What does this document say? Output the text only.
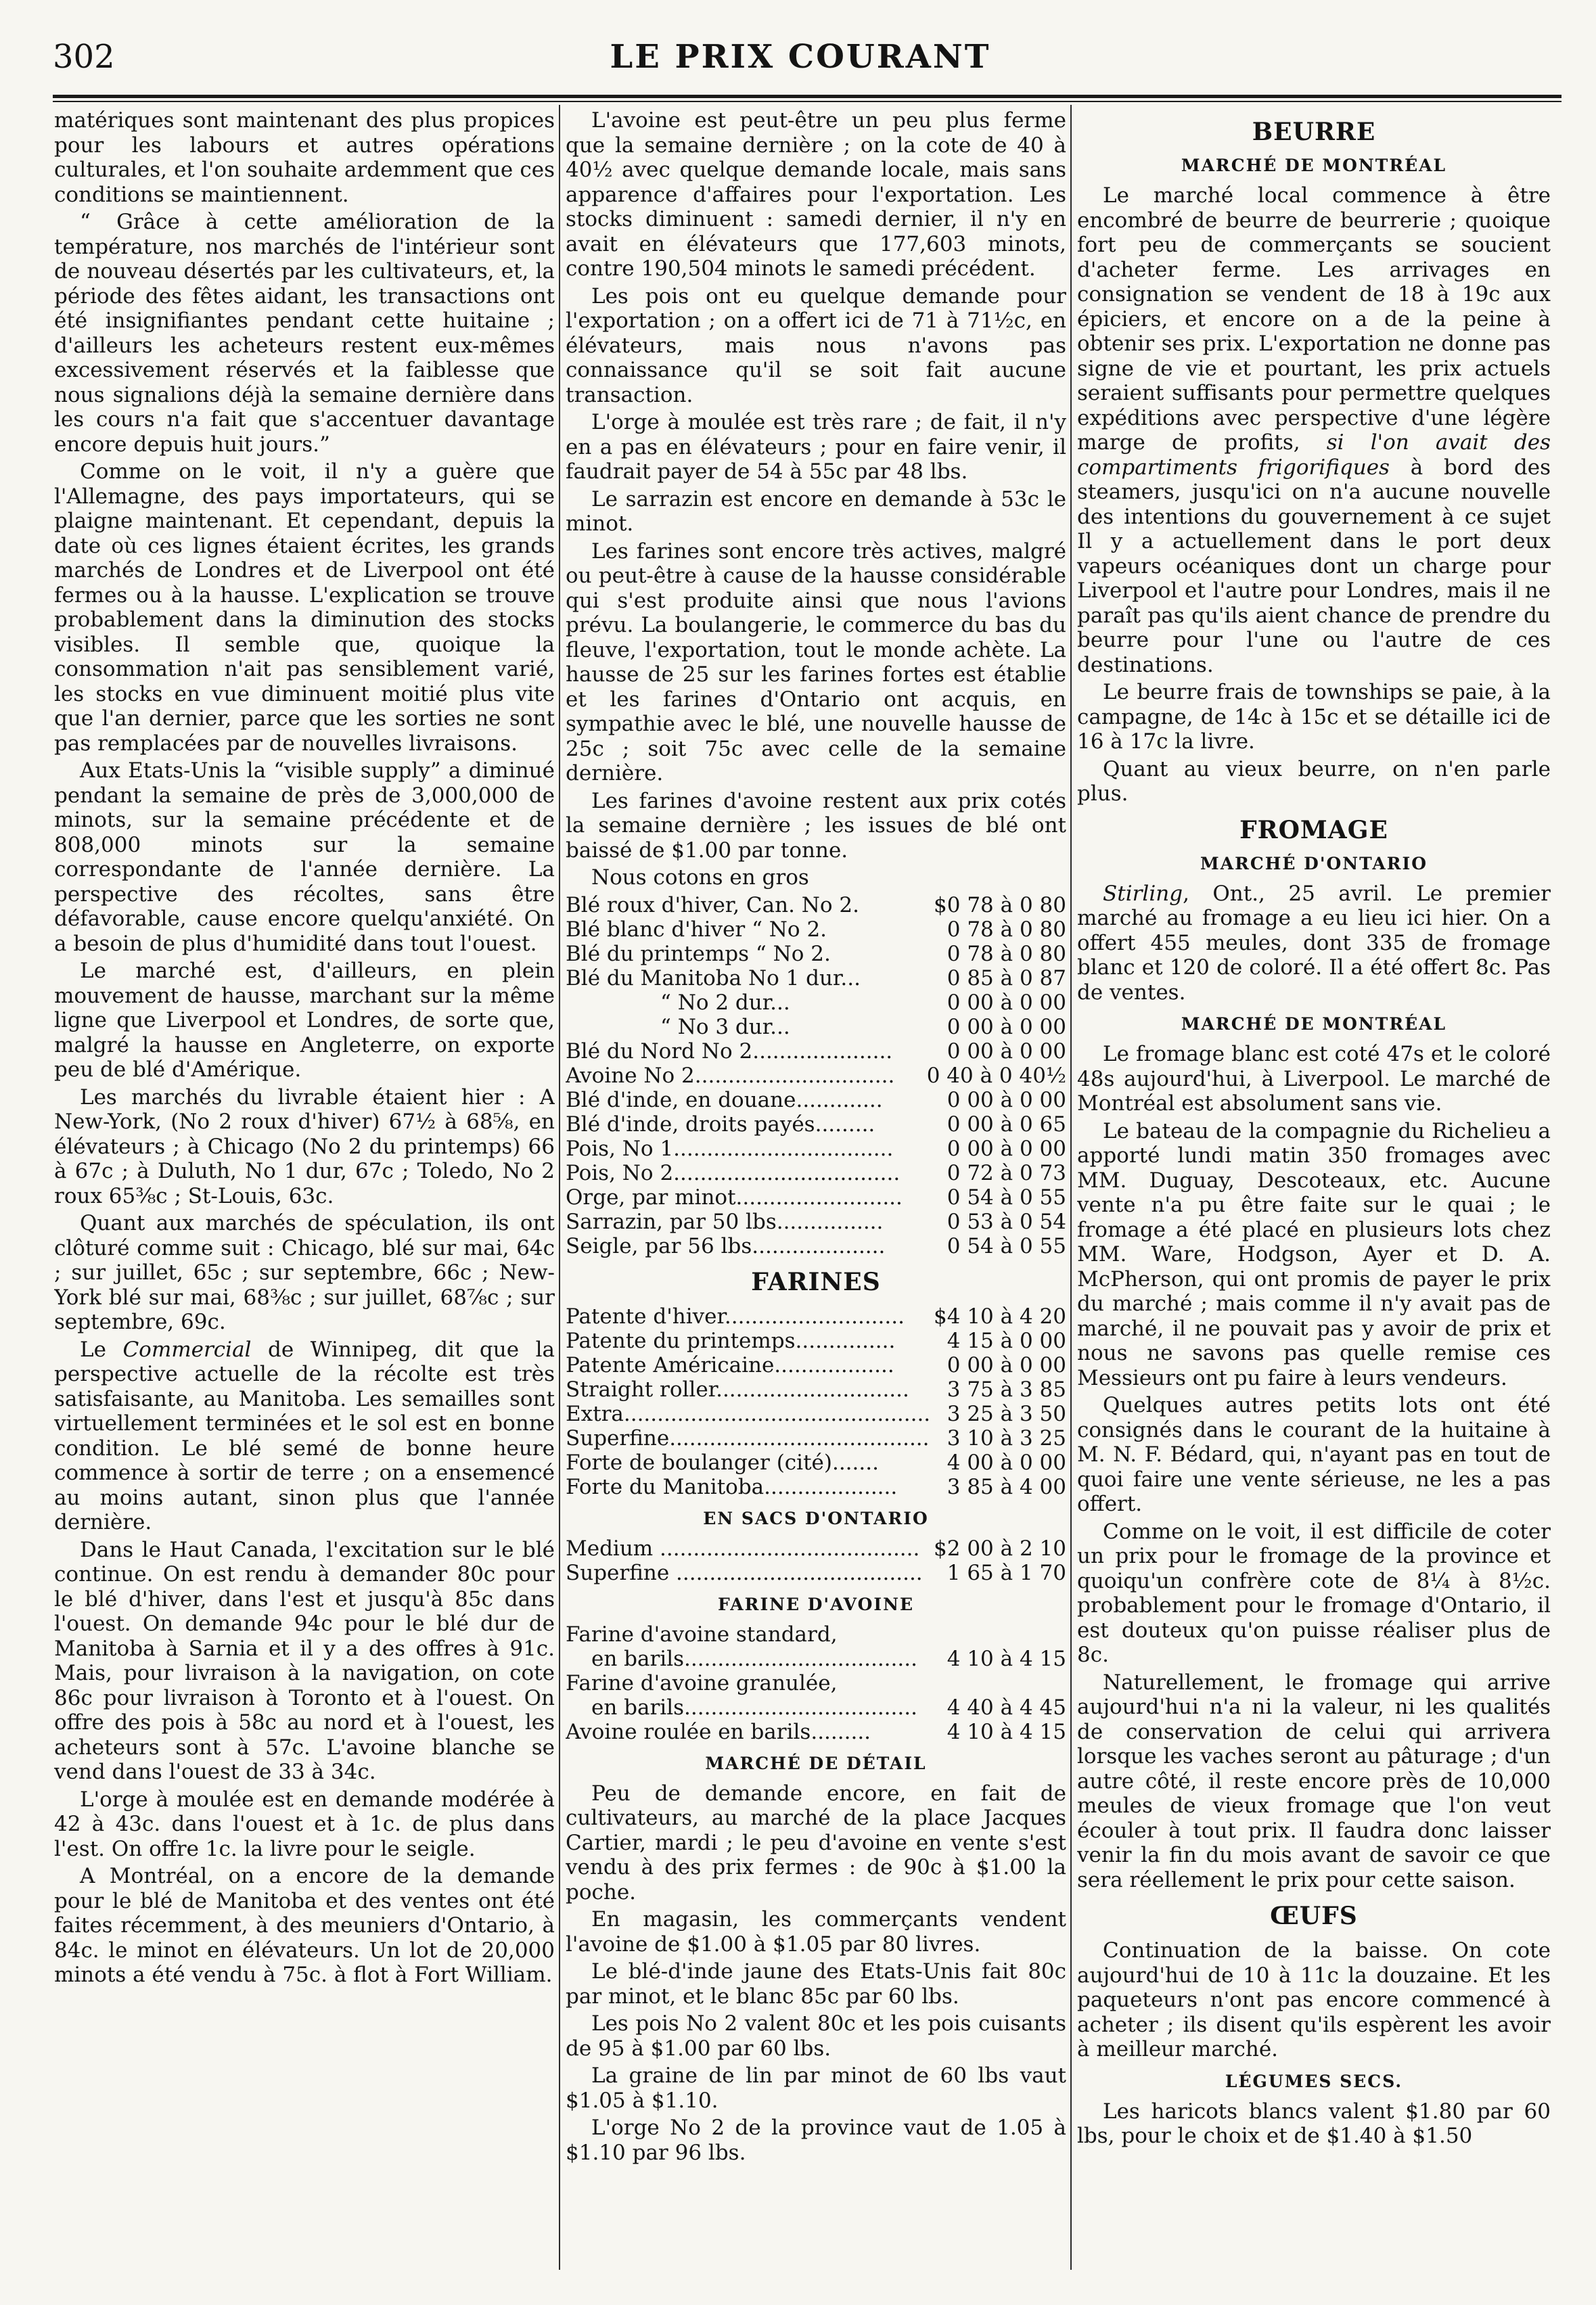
302	LE PRIX COURANT

matériques sont maintenant des plus propices pour les labours et autres opérations culturales, et l'on souhaite ardemment que ces conditions se maintiennent.

“ Grâce à cette amélioration de la température, nos marchés de l'intérieur sont de nouveau désertés par les cultivateurs, et, la période des fêtes aidant, les transactions ont été insignifiantes pendant cette huitaine ; d'ailleurs les acheteurs restent eux-mêmes excessivement réservés et la faiblesse que nous signalions déjà la semaine dernière dans les cours n'a fait que s'accentuer davantage encore depuis huit jours.”

Comme on le voit, il n'y a guère que l'Allemagne, des pays importateurs, qui se plaigne maintenant. Et cependant, depuis la date où ces lignes étaient écrites, les grands marchés de Londres et de Liverpool ont été fermes ou à la hausse. L'explication se trouve probablement dans la diminution des stocks visibles. Il semble que, quoique la consommation n'ait pas sensiblement varié, les stocks en vue diminuent moitié plus vite que l'an dernier, parce que les sorties ne sont pas remplacées par de nouvelles livraisons.

Aux Etats-Unis la “visible supply” a diminué pendant la semaine de près de 3,000,000 de minots, sur la semaine précédente et de 808,000 minots sur la semaine correspondante de l'année dernière. La perspective des récoltes, sans être défavorable, cause encore quelqu'anxiété. On a besoin de plus d'humidité dans tout l'ouest.

Le marché est, d'ailleurs, en plein mouvement de hausse, marchant sur la même ligne que Liverpool et Londres, de sorte que, malgré la hausse en Angleterre, on exporte peu de blé d'Amérique.

Les marchés du livrable étaient hier : A New-York, (No 2 roux d'hiver) 67½ à 68⅝, en élévateurs ; à Chicago (No 2 du printemps) 66 à 67c ; à Duluth, No 1 dur, 67c ; Toledo, No 2 roux 65⅜c ; St-Louis, 63c.

Quant aux marchés de spéculation, ils ont clôturé comme suit : Chicago, blé sur mai, 64c ; sur juillet, 65c ; sur septembre, 66c ; New-York blé sur mai, 68⅜c ; sur juillet, 68⅞c ; sur septembre, 69c.

Le Commercial de Winnipeg, dit que la perspective actuelle de la récolte est très satisfaisante, au Manitoba. Les semailles sont virtuellement terminées et le sol est en bonne condition. Le blé semé de bonne heure commence à sortir de terre ; on a ensemencé au moins autant, sinon plus que l'année dernière.

Dans le Haut Canada, l'excitation sur le blé continue. On est rendu à demander 80c pour le blé d'hiver, dans l'est et jusqu'à 85c dans l'ouest. On demande 94c pour le blé dur de Manitoba à Sarnia et il y a des offres à 91c. Mais, pour livraison à la navigation, on cote 86c pour livraison à Toronto et à l'ouest. On offre des pois à 58c au nord et à l'ouest, les acheteurs sont à 57c. L'avoine blanche se vend dans l'ouest de 33 à 34c.

L'orge à moulée est en demande modérée à 42 à 43c. dans l'ouest et à 1c. de plus dans l'est. On offre 1c. la livre pour le seigle.

A Montréal, on a encore de la demande pour le blé de Manitoba et des ventes ont été faites récemment, à des meuniers d'Ontario, à 84c. le minot en élévateurs. Un lot de 20,000 minots a été vendu à 75c. à flot à Fort William.

L'avoine est peut-être un peu plus ferme que la semaine dernière ; on la cote de 40 à 40½ avec quelque demande locale, mais sans apparence d'affaires pour l'exportation. Les stocks diminuent : samedi dernier, il n'y en avait en élévateurs que 177,603 minots, contre 190,504 minots le samedi précédent.

Les pois ont eu quelque demande pour l'exportation ; on a offert ici de 71 à 71½c, en élévateurs, mais nous n'avons pas connaissance qu'il se soit fait aucune transaction.

L'orge à moulée est très rare ; de fait, il n'y en a pas en élévateurs ; pour en faire venir, il faudrait payer de 54 à 55c par 48 lbs.

Le sarrazin est encore en demande à 53c le minot.

Les farines sont encore très actives, malgré ou peut-être à cause de la hausse considérable qui s'est produite ainsi que nous l'avions prévu. La boulangerie, le commerce du bas du fleuve, l'exportation, tout le monde achète. La hausse de 25 sur les farines fortes est établie et les farines d'Ontario ont acquis, en sympathie avec le blé, une nouvelle hausse de 25c ; soit 75c avec celle de la semaine dernière.

Les farines d'avoine restent aux prix cotés la semaine dernière ; les issues de blé ont baissé de $1.00 par tonne.

Nous cotons en gros

Blé roux d'hiver, Can. No 2.	$0 78 à 0 80
Blé blanc d'hiver “ No 2.	0 78 à 0 80
Blé du printemps “ No 2.	0 78 à 0 80
Blé du Manitoba No 1 dur...	0 85 à 0 87
“ No 2 dur...	0 00 à 0 00
“ No 3 dur...	0 00 à 0 00
Blé du Nord No 2.....................	0 00 à 0 00
Avoine No 2..............................	0 40 à 0 40½
Blé d'inde, en douane.............	0 00 à 0 00
Blé d'inde, droits payés.........	0 00 à 0 65
Pois, No 1.................................	0 00 à 0 00
Pois, No 2..................................	0 72 à 0 73
Orge, par minot.........................	0 54 à 0 55
Sarrazin, par 50 lbs................	0 53 à 0 54
Seigle, par 56 lbs....................	0 54 à 0 55
FARINES
Patente d'hiver...........................	$4 10 à 4 20
Patente du printemps...............	4 15 à 0 00
Patente Américaine..................	0 00 à 0 00
Straight roller.............................	3 75 à 3 85
Extra..............................................	3 25 à 3 50
Superfine.......................................	3 10 à 3 25
Forte de boulanger (cité).......	4 00 à 0 00
Forte du Manitoba....................	3 85 à 4 00
EN SACS D'ONTARIO
Medium .......................................	$2 00 à 2 10
Superfine .....................................	1 65 à 1 70
FARINE D'AVOINE
Farine d'avoine standard,	
en barils...................................	4 10 à 4 15
Farine d'avoine granulée,	
en barils...................................	4 40 à 4 45
Avoine roulée en barils.........	4 10 à 4 15
MARCHÉ DE DÉTAIL

Peu de demande encore, en fait de cultivateurs, au marché de la place Jacques Cartier, mardi ; le peu d'avoine en vente s'est vendu à des prix fermes : de 90c à $1.00 la poche.

En magasin, les commerçants vendent l'avoine de $1.00 à $1.05 par 80 livres.

Le blé-d'inde jaune des Etats-Unis fait 80c par minot, et le blanc 85c par 60 lbs.

Les pois No 2 valent 80c et les pois cuisants de 95 à $1.00 par 60 lbs.

La graine de lin par minot de 60 lbs vaut $1.05 à $1.10.

L'orge No 2 de la province vaut de 1.05 à $1.10 par 96 lbs.

BEURRE
MARCHÉ DE MONTRÉAL

Le marché local commence à être encombré de beurre de beurrerie ; quoique fort peu de commerçants se soucient d'acheter ferme. Les arrivages en consignation se vendent de 18 à 19c aux épiciers, et encore on a de la peine à obtenir ses prix. L'exportation ne donne pas signe de vie et pourtant, les prix actuels seraient suffisants pour permettre quelques expéditions avec perspective d'une légère marge de profits, si l'on avait des compartiments frigorifiques à bord des steamers, jusqu'ici on n'a aucune nouvelle des intentions du gouvernement à ce sujet Il y a actuellement dans le port deux vapeurs océaniques dont un charge pour Liverpool et l'autre pour Londres, mais il ne paraît pas qu'ils aient chance de prendre du beurre pour l'une ou l'autre de ces destinations.

Le beurre frais de townships se paie, à la campagne, de 14c à 15c et se détaille ici de 16 à 17c la livre.

Quant au vieux beurre, on n'en parle plus.

FROMAGE
MARCHÉ D'ONTARIO

Stirling, Ont., 25 avril. Le premier marché au fromage a eu lieu ici hier. On a offert 455 meules, dont 335 de fromage blanc et 120 de coloré. Il a été offert 8c. Pas de ventes.

MARCHÉ DE MONTRÉAL

Le fromage blanc est coté 47s et le coloré 48s aujourd'hui, à Liverpool. Le marché de Montréal est absolument sans vie.

Le bateau de la compagnie du Richelieu a apporté lundi matin 350 fromages avec MM. Duguay, Descoteaux, etc. Aucune vente n'a pu être faite sur le quai ; le fromage a été placé en plusieurs lots chez MM. Ware, Hodgson, Ayer et D. A. McPherson, qui ont promis de payer le prix du marché ; mais comme il n'y avait pas de marché, il ne pouvait pas y avoir de prix et nous ne savons pas quelle remise ces Messieurs ont pu faire à leurs vendeurs.

Quelques autres petits lots ont été consignés dans le courant de la huitaine à M. N. F. Bédard, qui, n'ayant pas en tout de quoi faire une vente sérieuse, ne les a pas offert.

Comme on le voit, il est difficile de coter un prix pour le fromage de la province et quoiqu'un confrère cote de 8¼ à 8½c. probablement pour le fromage d'Ontario, il est douteux qu'on puisse réaliser plus de 8c.

Naturellement, le fromage qui arrive aujourd'hui n'a ni la valeur, ni les qualités de conservation de celui qui arrivera lorsque les vaches seront au pâturage ; d'un autre côté, il reste encore près de 10,000 meules de vieux fromage que l'on veut écouler à tout prix. Il faudra donc laisser venir la fin du mois avant de savoir ce que sera réellement le prix pour cette saison.

ŒUFS

Continuation de la baisse. On cote aujourd'hui de 10 à 11c la douzaine. Et les paqueteurs n'ont pas encore commencé à acheter ; ils disent qu'ils espèrent les avoir à meilleur marché.

LÉGUMES SECS.

Les haricots blancs valent $1.80 par 60 lbs, pour le choix et de $1.40 à $1.50
